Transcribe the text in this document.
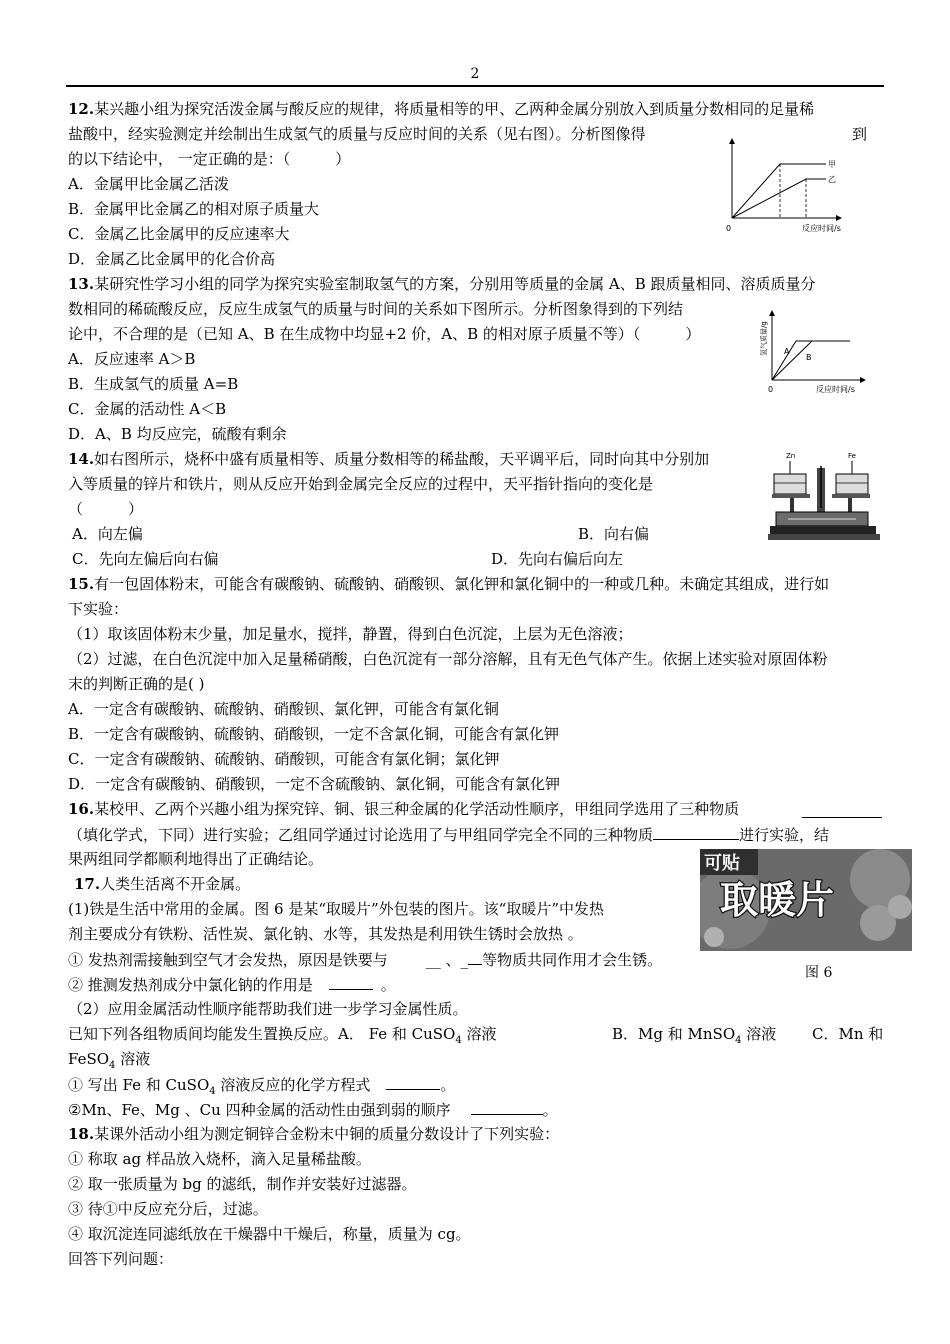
2
12.某兴趣小组为探究活泼金属与酸反应的规律，将质量相等的甲、乙两种金属分别放入到质量分数相同的足量稀
盐酸中，经实验测定并绘制出生成氢气的质量与反应时间的关系（见右图）。分析图像得	到
的以下结论中， 一定正确的是：（　　　）
A．金属甲比金属乙活泼
B．金属甲比金属乙的相对原子质量大
C．金属乙比金属甲的反应速率大
D．金属乙比金属甲的化合价高
甲
乙
0	反应时间/s
13.某研究性学习小组的同学为探究实验室制取氢气的方案，分别用等质量的金属 A、B 跟质量相同、溶质质量分
数相同的稀硫酸反应，反应生成氢气的质量与时间的关系如下图所示。分析图象得到的下列结
论中，不合理的是（已知 A、B 在生成物中均显+2 价，A、B 的相对原子质量不等）（　　　）
A．反应速率 A＞B
B．生成氢气的质量 A=B
C．金属的活动性 A＜B
D．A、B 均反应完，硫酸有剩余
A
B
0	反应时间/s
氢气质量/g
14.如右图所示，烧杯中盛有质量相等、质量分数相等的稀盐酸，天平调平后，同时向其中分别加
入等质量的锌片和铁片，则从反应开始到金属完全反应的过程中，天平指针指向的变化是
（　　　）
A．向左偏	B．向右偏
C．先向左偏后向右偏	D．先向右偏后向左
Zn	Fe
15.有一包固体粉末，可能含有碳酸钠、硫酸钠、硝酸钡、氯化钾和氯化铜中的一种或几种。未确定其组成，进行如
下实验：
（1）取该固体粉末少量，加足量水，搅拌，静置，得到白色沉淀，上层为无色溶液；
（2）过滤，在白色沉淀中加入足量稀硝酸，白色沉淀有一部分溶解，且有无色气体产生。依据上述实验对原固体粉
末的判断正确的是( )
A．一定含有碳酸钠、硫酸钠、硝酸钡、氯化钾，可能含有氯化铜
B．一定含有碳酸钠、硫酸钠、硝酸钡，一定不含氯化铜，可能含有氯化钾
C．一定含有碳酸钠、硫酸钠、硝酸钡，可能含有氯化铜；氯化钾
D．一定含有碳酸钠、硝酸钡，一定不含硫酸钠、氯化铜，可能含有氯化钾
16.某校甲、乙两个兴趣小组为探究锌、铜、银三种金属的化学活动性顺序，甲组同学选用了三种物质
（填化学式，下同）进行实验；乙组同学通过讨论选用了与甲组同学完全不同的三种物质	进行实验，结
果两组同学都顺利地得出了正确结论。
17.人类生活离不开金属。
(1)铁是生活中常用的金属。图 6 是某“取暖片”外包装的图片。该“取暖片”中发热
剂主要成分有铁粉、活性炭、氯化钠、水等，其发热是利用铁生锈时会放热 。
① 发热剂需接触到空气才会发热，原因是铁要与	__ 、_ 等物质共同作用才会生锈。
② 推测发热剂成分中氯化钠的作用是	。
（2）应用金属活动性顺序能帮助我们进一步学习金属性质。
已知下列各组物质间均能发生置换反应。A． Fe 和 CuSO$_4$ 溶液	B．Mg 和 MnSO$_4$ 溶液 C．Mn 和
FeSO$_4$ 溶液
① 写出 Fe 和 CuSO$_4$ 溶液反应的化学方程式	。
②Mn、Fe、Mg 、Cu 四种金属的活动性由强到弱的顺序	。
可贴
取暖片
图 6
18.某课外活动小组为测定铜锌合金粉末中铜的质量分数设计了下列实验：
① 称取 ag 样品放入烧杯，滴入足量稀盐酸。
② 取一张质量为 bg 的滤纸，制作并安装好过滤器。
③ 待①中反应充分后，过滤。
④ 取沉淀连同滤纸放在干燥器中干燥后，称量，质量为 cg。
回答下列问题：
